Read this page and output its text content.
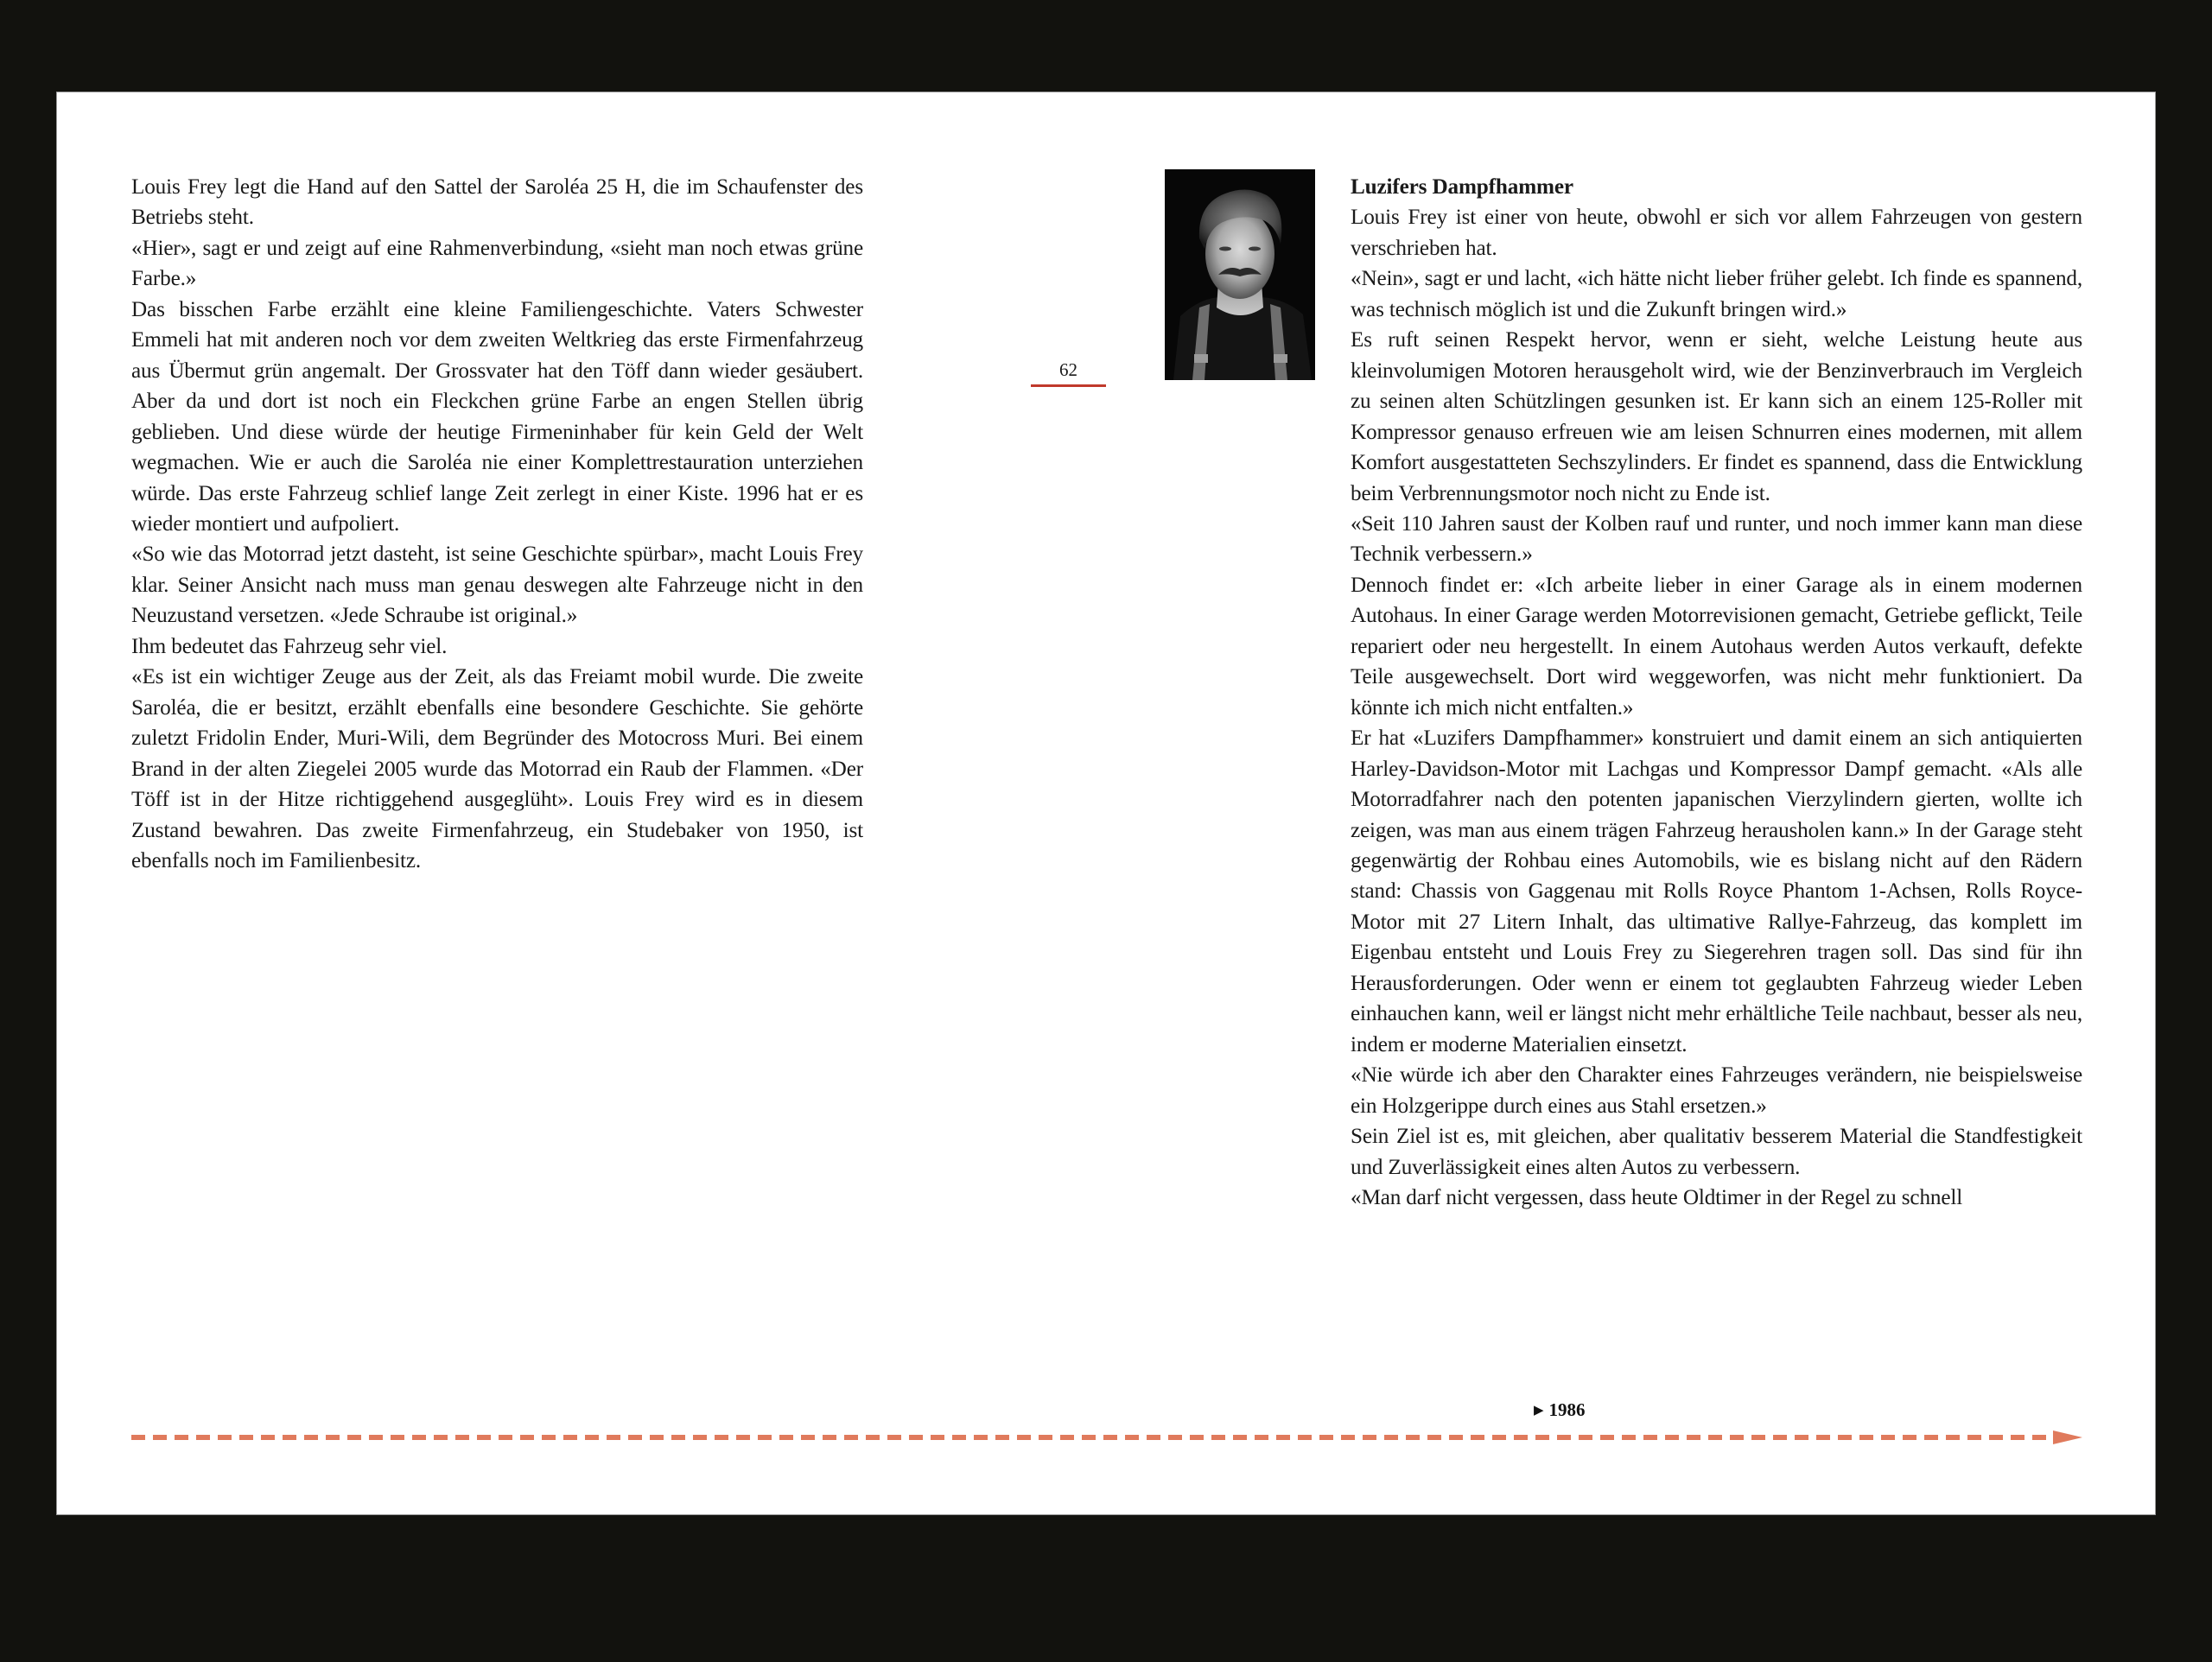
Louis Frey legt die Hand auf den Sattel der Saroléa 25 H, die im Schaufenster des Betriebs steht.

«Hier», sagt er und zeigt auf eine Rahmenverbindung, «sieht man noch etwas grüne Farbe.»

Das bisschen Farbe erzählt eine kleine Familiengeschichte. Vaters Schwester Emmeli hat mit anderen noch vor dem zweiten Weltkrieg das erste Firmenfahrzeug aus Übermut grün angemalt. Der Grossvater hat den Töff dann wieder gesäubert. Aber da und dort ist noch ein Fleckchen grüne Farbe an engen Stellen übrig geblieben. Und diese würde der heutige Firmeninhaber für kein Geld der Welt wegmachen. Wie er auch die Saroléa nie einer Komplettrestauration unterziehen würde. Das erste Fahrzeug schlief lange Zeit zerlegt in einer Kiste. 1996 hat er es wieder montiert und aufpoliert.

«So wie das Motorrad jetzt dasteht, ist seine Geschichte spürbar», macht Louis Frey klar. Seiner Ansicht nach muss man genau deswegen alte Fahrzeuge nicht in den Neuzustand versetzen. «Jede Schraube ist original.»

Ihm bedeutet das Fahrzeug sehr viel.

«Es ist ein wichtiger Zeuge aus der Zeit, als das Freiamt mobil wurde. Die zweite Saroléa, die er besitzt, erzählt ebenfalls eine besondere Geschichte. Sie gehörte zuletzt Fridolin Ender, Muri-Wili, dem Begründer des Motocross Muri. Bei einem Brand in der alten Ziegelei 2005 wurde das Motorrad ein Raub der Flammen. «Der Töff ist in der Hitze richtiggehend ausgeglüht». Louis Frey wird es in diesem Zustand bewahren. Das zweite Firmenfahrzeug, ein Studebaker von 1950, ist ebenfalls noch im Familienbesitz.

62

Luzifers Dampfhammer

Louis Frey ist einer von heute, obwohl er sich vor allem Fahrzeugen von gestern verschrieben hat.

«Nein», sagt er und lacht, «ich hätte nicht lieber früher gelebt. Ich finde es spannend, was technisch möglich ist und die Zukunft bringen wird.»

Es ruft seinen Respekt hervor, wenn er sieht, welche Leistung heute aus kleinvolumigen Motoren herausgeholt wird, wie der Benzinverbrauch im Vergleich zu seinen alten Schützlingen gesunken ist. Er kann sich an einem 125-Roller mit Kompressor genauso erfreuen wie am leisen Schnurren eines modernen, mit allem Komfort ausgestatteten Sechszylinders. Er findet es spannend, dass die Entwicklung beim Verbrennungsmotor noch nicht zu Ende ist.

«Seit 110 Jahren saust der Kolben rauf und runter, und noch immer kann man diese Technik verbessern.»

Dennoch findet er: «Ich arbeite lieber in einer Garage als in einem modernen Autohaus. In einer Garage werden Motorrevisionen gemacht, Getriebe geflickt, Teile repariert oder neu hergestellt. In einem Autohaus werden Autos verkauft, defekte Teile ausgewechselt. Dort wird weggeworfen, was nicht mehr funktioniert. Da könnte ich mich nicht entfalten.»

Er hat «Luzifers Dampfhammer» konstruiert und damit einem an sich antiquierten Harley-Davidson-Motor mit Lachgas und Kompressor Dampf gemacht. «Als alle Motorradfahrer nach den potenten japanischen Vierzylindern gierten, wollte ich zeigen, was man aus einem trägen Fahrzeug herausholen kann.» In der Garage steht gegenwärtig der Rohbau eines Automobils, wie es bislang nicht auf den Rädern stand: Chassis von Gaggenau mit Rolls Royce Phantom 1-Achsen, Rolls Royce-Motor mit 27 Litern Inhalt, das ultimative Rallye-Fahrzeug, das komplett im Eigenbau entsteht und Louis Frey zu Siegerehren tragen soll. Das sind für ihn Herausforderungen. Oder wenn er einem tot geglaubten Fahrzeug wieder Leben einhauchen kann, weil er längst nicht mehr erhältliche Teile nachbaut, besser als neu, indem er moderne Materialien einsetzt.

«Nie würde ich aber den Charakter eines Fahrzeuges verändern, nie beispielsweise ein Holzgerippe durch eines aus Stahl ersetzen.»

Sein Ziel ist es, mit gleichen, aber qualitativ besserem Material die Standfestigkeit und Zuverlässigkeit eines alten Autos zu verbessern.

«Man darf nicht vergessen, dass heute Oldtimer in der Regel zu schnell

▶ 1986
